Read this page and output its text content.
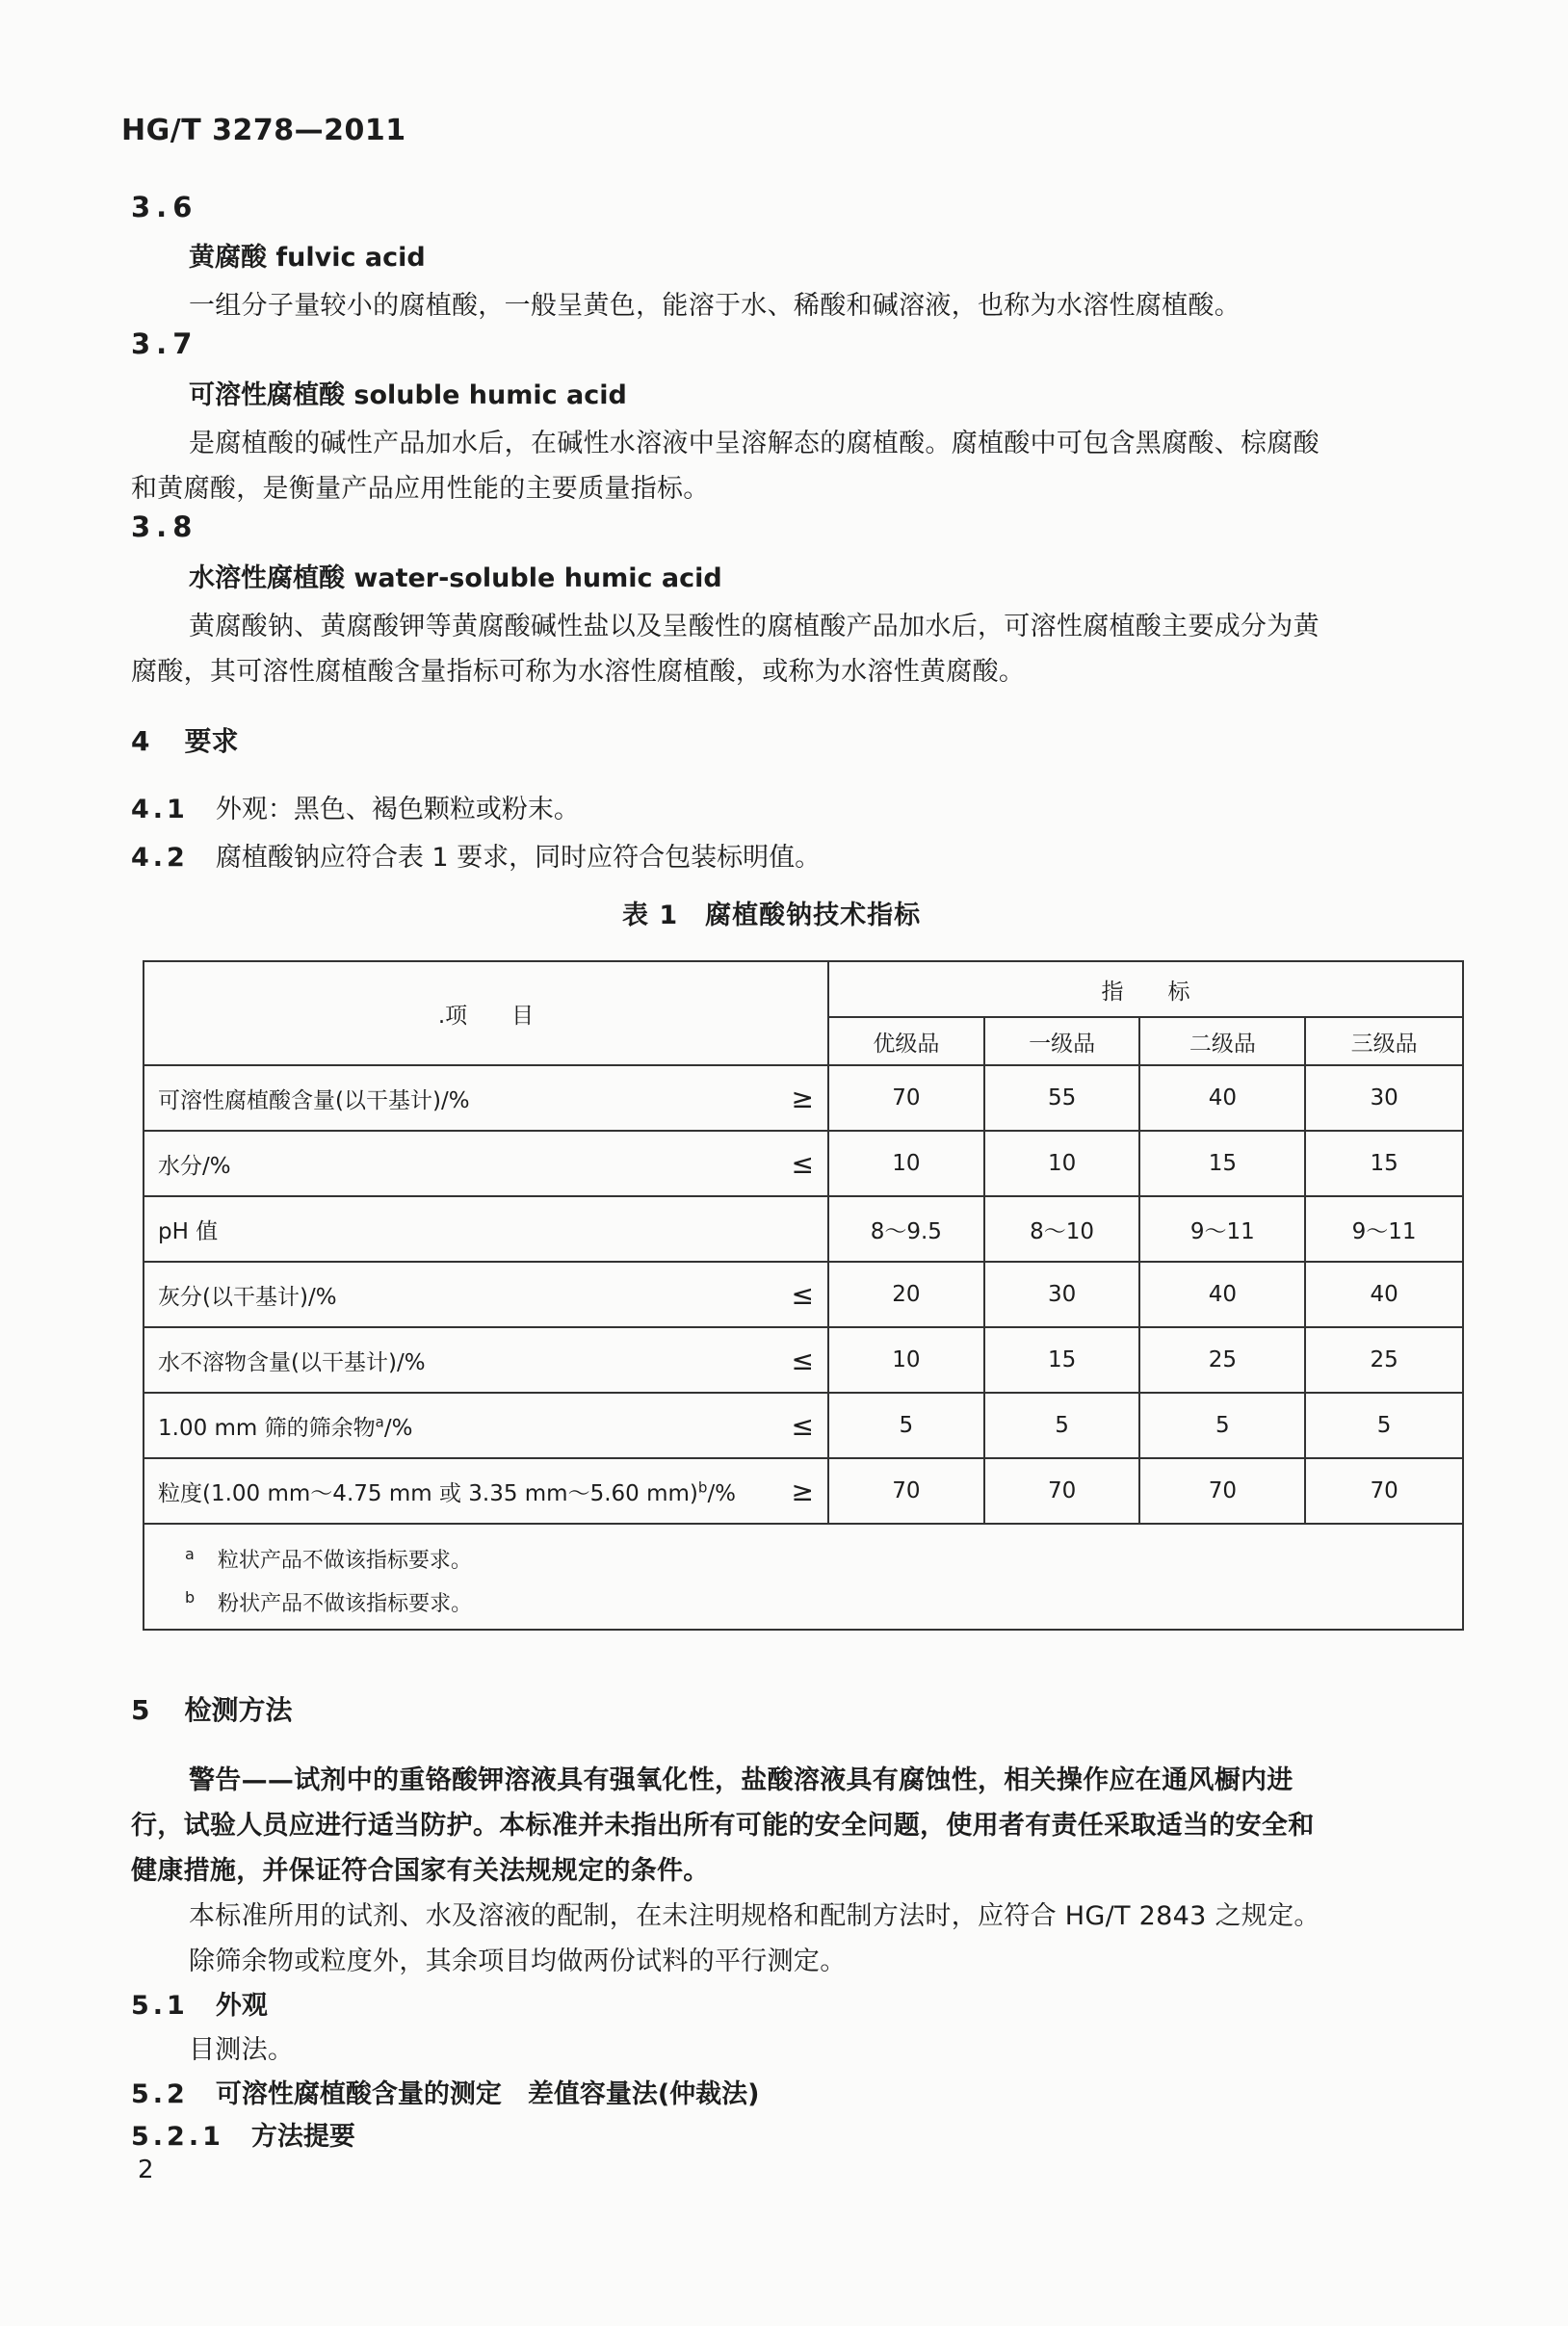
HG/T 3278—2011
3.6
黄腐酸 fulvic acid
一组分子量较小的腐植酸，一般呈黄色，能溶于水、稀酸和碱溶液，也称为水溶性腐植酸。
3.7
可溶性腐植酸 soluble humic acid
是腐植酸的碱性产品加水后，在碱性水溶液中呈溶解态的腐植酸。腐植酸中可包含黑腐酸、棕腐酸
和黄腐酸，是衡量产品应用性能的主要质量指标。
3.8
水溶性腐植酸 water-soluble humic acid
黄腐酸钠、黄腐酸钾等黄腐酸碱性盐以及呈酸性的腐植酸产品加水后，可溶性腐植酸主要成分为黄
腐酸，其可溶性腐植酸含量指标可称为水溶性腐植酸，或称为水溶性黄腐酸。
4 要求
4.1 外观：黑色、褐色颗粒或粉末。
4.2 腐植酸钠应符合表 1 要求，同时应符合包装标明值。
表 1　腐植酸钠技术指标
.项　　目	指　　标			
	优级品	一级品	二级品	三级品

可溶性腐植酸含量(以干基计)/% ≥	70	55	40	30

水分/% ≤	10	10	15	15

pH 值	8～9.5	8～10	9～11	9～11

灰分(以干基计)/% ≤	20	30	40	40

水不溶物含量(以干基计)/% ≤	10	15	25	25

1.00 mm 筛的筛余物$^a$/% ≤	5	5	5	5

粒度(1.00 mm～4.75 mm 或 3.35 mm～5.60 mm)$^b$/% ≥	70	70	70	70

$^a$ 粒状产品不做该指标要求。
$^b$ 粉状产品不做该指标要求。				
5 检测方法
警告——试剂中的重铬酸钾溶液具有强氧化性，盐酸溶液具有腐蚀性，相关操作应在通风橱内进
行，试验人员应进行适当防护。本标准并未指出所有可能的安全问题，使用者有责任采取适当的安全和
健康措施，并保证符合国家有关法规规定的条件。
本标准所用的试剂、水及溶液的配制，在未注明规格和配制方法时，应符合 HG/T 2843 之规定。
除筛余物或粒度外，其余项目均做两份试料的平行测定。
5.1 外观
目测法。
5.2 可溶性腐植酸含量的测定　差值容量法(仲裁法)
5.2.1 方法提要
2
